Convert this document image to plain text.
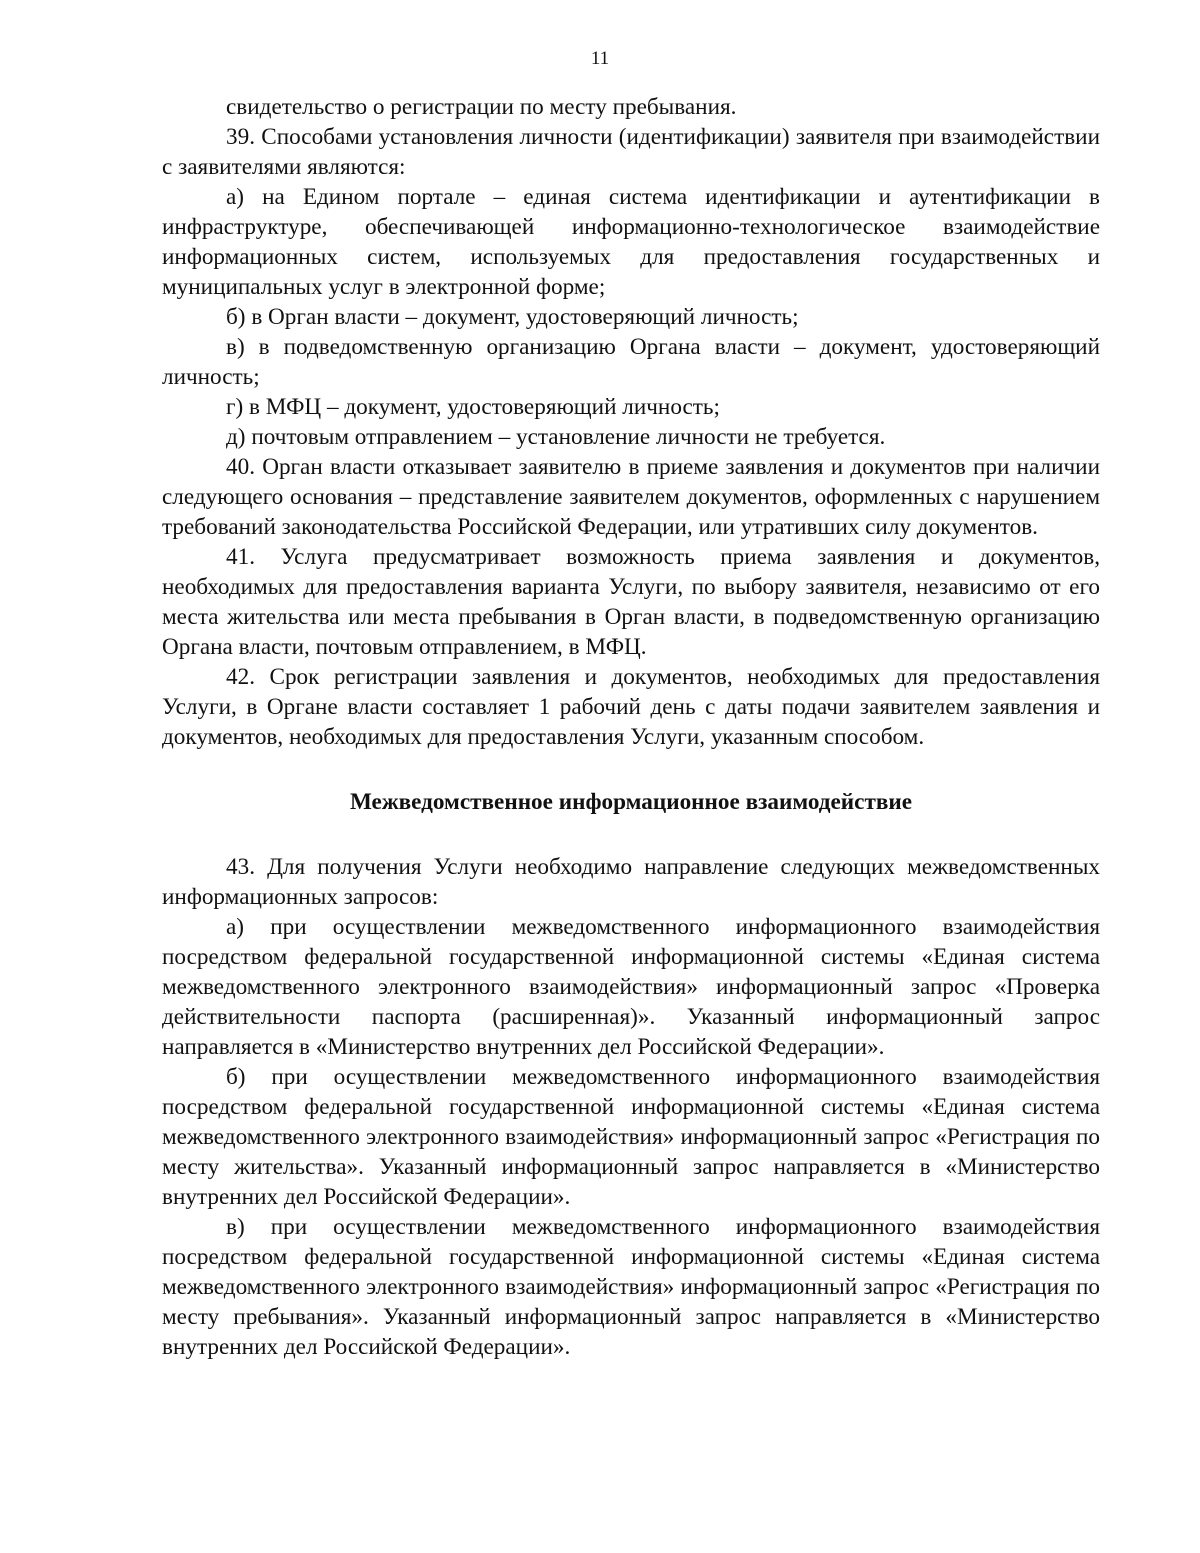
11

свидетельство о регистрации по месту пребывания.

39. Способами установления личности (идентификации) заявителя при взаимодействии с заявителями являются:

а) на Едином портале – единая система идентификации и аутентификации в инфраструктуре, обеспечивающей информационно-технологическое взаимодействие информационных систем, используемых для предоставления государственных и муниципальных услуг в электронной форме;

б) в Орган власти – документ, удостоверяющий личность;

в) в подведомственную организацию Органа власти – документ, удостоверяющий личность;

г) в МФЦ – документ, удостоверяющий личность;

д) почтовым отправлением – установление личности не требуется.

40. Орган власти отказывает заявителю в приеме заявления и документов при наличии следующего основания – представление заявителем документов, оформленных с нарушением требований законодательства Российской Федерации, или утративших силу документов.

41. Услуга предусматривает возможность приема заявления и документов, необходимых для предоставления варианта Услуги, по выбору заявителя, независимо от его места жительства или места пребывания в Орган власти, в подведомственную организацию Органа власти, почтовым отправлением, в МФЦ.

42. Срок регистрации заявления и документов, необходимых для предоставления Услуги, в Органе власти составляет 1 рабочий день с даты подачи заявителем заявления и документов, необходимых для предоставления Услуги, указанным способом.

Межведомственное информационное взаимодействие

43. Для получения Услуги необходимо направление следующих межведомственных информационных запросов:

а) при осуществлении межведомственного информационного взаимодействия посредством федеральной государственной информационной системы «Единая система межведомственного электронного взаимодействия» информационный запрос «Проверка действительности паспорта (расширенная)». Указанный информационный запрос направляется в «Министерство внутренних дел Российской Федерации».

б) при осуществлении межведомственного информационного взаимодействия посредством федеральной государственной информационной системы «Единая система межведомственного электронного взаимодействия» информационный запрос «Регистрация по месту жительства». Указанный информационный запрос направляется в «Министерство внутренних дел Российской Федерации».

в) при осуществлении межведомственного информационного взаимодействия посредством федеральной государственной информационной системы «Единая система межведомственного электронного взаимодействия» информационный запрос «Регистрация по месту пребывания». Указанный информационный запрос направляется в «Министерство внутренних дел Российской Федерации».
